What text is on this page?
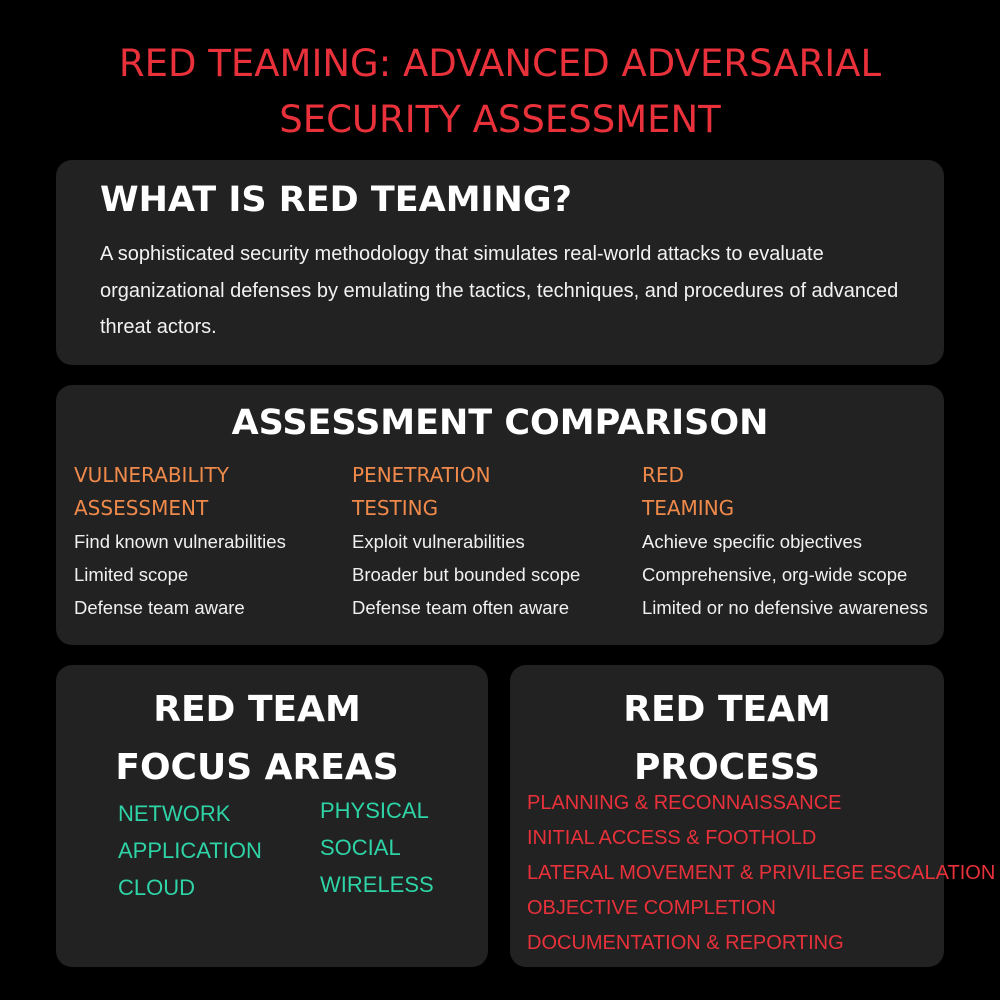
RED TEAMING: ADVANCED ADVERSARIAL
SECURITY ASSESSMENT
WHAT IS RED TEAMING?
A sophisticated security methodology that simulates real-world attacks to evaluate organizational defenses by emulating the tactics, techniques, and procedures of advanced threat actors.
ASSESSMENT COMPARISON
VULNERABILITY
ASSESSMENT
Find known vulnerabilities
Limited scope
Defense team aware
PENETRATION
TESTING
Exploit vulnerabilities
Broader but bounded scope
Defense team often aware
RED
TEAMING
Achieve specific objectives
Comprehensive, org-wide scope
Limited or no defensive awareness
RED TEAM
FOCUS AREAS
NETWORK
APPLICATION
CLOUD
PHYSICAL
SOCIAL
WIRELESS
RED TEAM
PROCESS
PLANNING & RECONNAISSANCE
INITIAL ACCESS & FOOTHOLD
LATERAL MOVEMENT & PRIVILEGE ESCALATION
OBJECTIVE COMPLETION
DOCUMENTATION & REPORTING
